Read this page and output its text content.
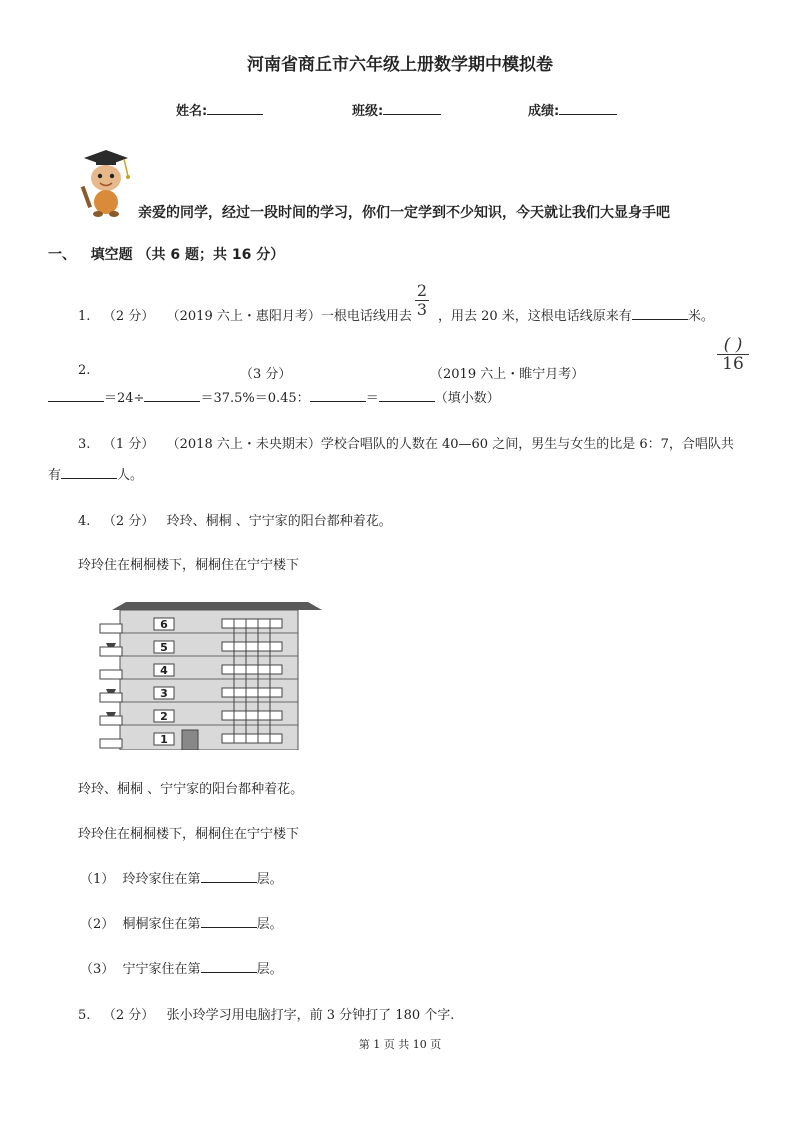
河南省商丘市六年级上册数学期中模拟卷
姓名:	班级:	成绩:
亲爱的同学，经过一段时间的学习，你们一定学到不少知识，今天就让我们大显身手吧
一、 填空题 （共 6 题；共 16 分）
1. （2 分） （2019 六上・惠阳月考）一根电话线用去
2
3 ，用去 20 米，这根电话线原来有	米。
2.	（3 分）	（2019 六上・睢宁月考）
( )
16
＝24÷	＝37.5%＝0.45：	＝	（填小数）
3. （1 分） （2018 六上・未央期末）学校合唱队的人数在 40—60 之间，男生与女生的比是 6：7，合唱队共
有	人。
4. （2 分） 玲玲、桐桐 、宁宁家的阳台都种着花。
玲玲住在桐桐楼下，桐桐住在宁宁楼下
6
5
4
3
2
1
玲玲、桐桐 、宁宁家的阳台都种着花。
玲玲住在桐桐楼下，桐桐住在宁宁楼下
（1） 玲玲家住在第	层。
（2） 桐桐家住在第	层。
（3） 宁宁家住在第	层。
5. （2 分） 张小玲学习用电脑打字，前 3 分钟打了 180 个字.
第 1 页 共 10 页
